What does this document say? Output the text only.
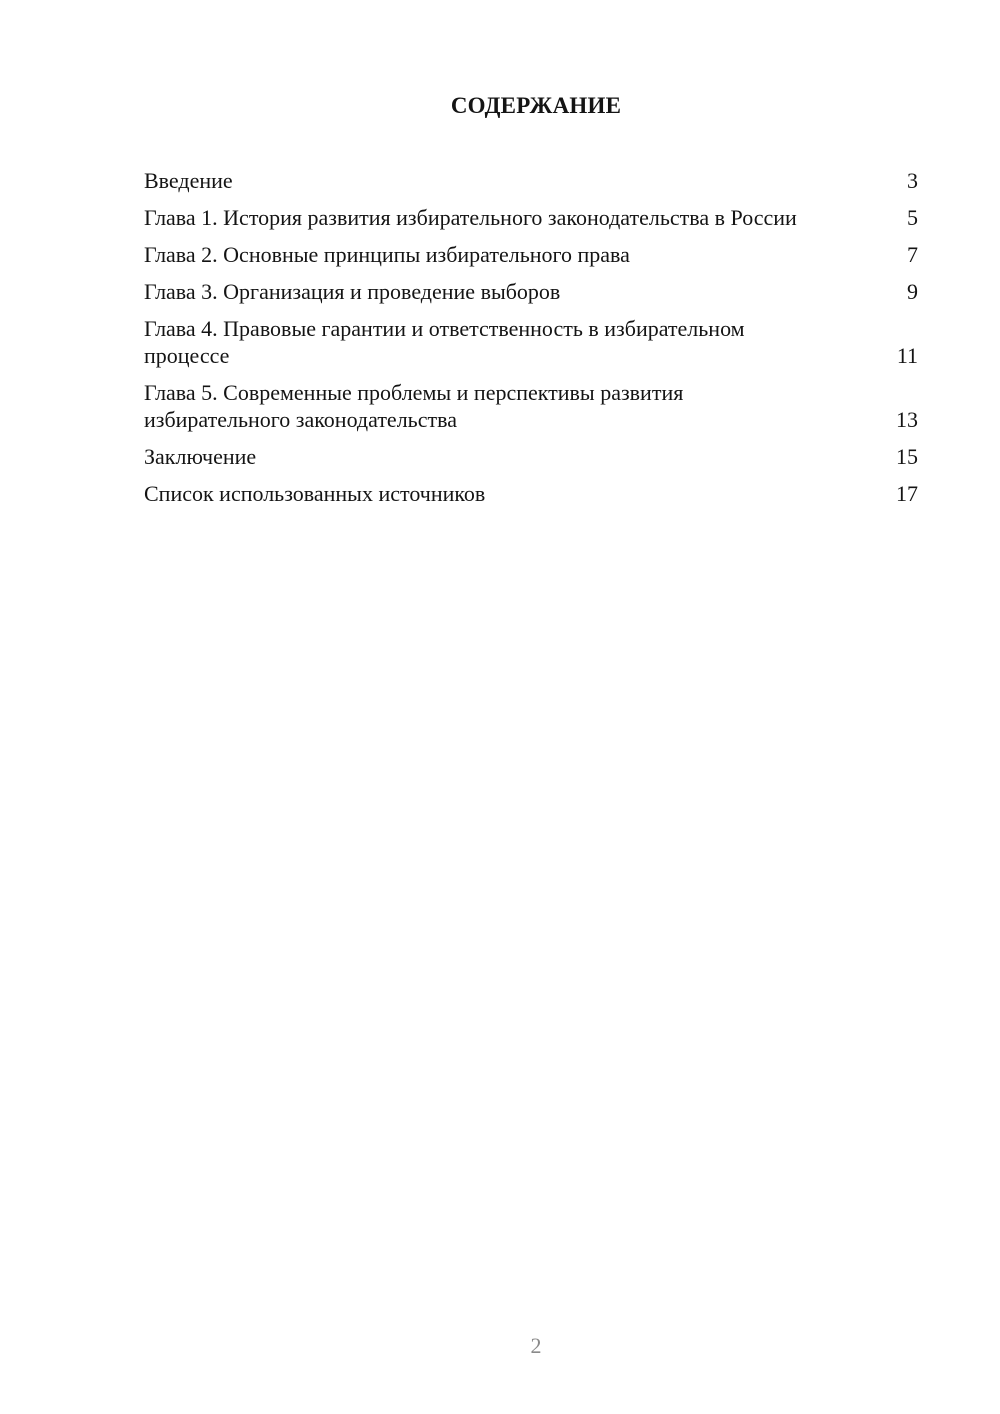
СОДЕРЖАНИЕ
Введение	3
Глава 1. История развития избирательного законодательства в России	5
Глава 2. Основные принципы избирательного права	7
Глава 3. Организация и проведение выборов	9
Глава 4. Правовые гарантии и ответственность в избирательном процессе	11
Глава 5. Современные проблемы и перспективы развития избирательного законодательства	13
Заключение	15
Список использованных источников	17
2
